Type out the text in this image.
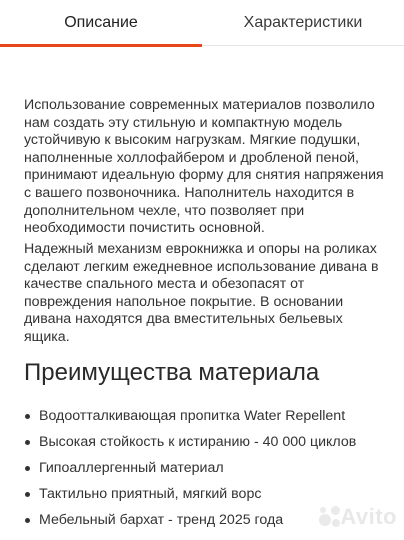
Описание	Характеристики

Использование современных материалов позволило нам создать эту стильную и компактную модель устойчивую к высоким нагрузкам. Мягкие подушки, наполненные холлофайбером и дробленой пеной, принимают идеальную форму для снятия напряжения с вашего позвоночника. Наполнитель находится в дополнительном чехле, что позволяет при необходимости почистить основной.

Надежный механизм еврокнижка и опоры на роликах сделают легким ежедневное использование дивана в качестве спального места и обезопасят от повреждения напольное покрытие. В основании дивана находятся два вместительных бельевых ящика.

Преимущества материала
Водоотталкивающая пропитка Water Repellent
Высокая стойкость к истиранию - 40 000 циклов
Гипоаллергенный материал
Тактильно приятный, мягкий ворс
Мебельный бархат - тренд 2025 года	Avito
